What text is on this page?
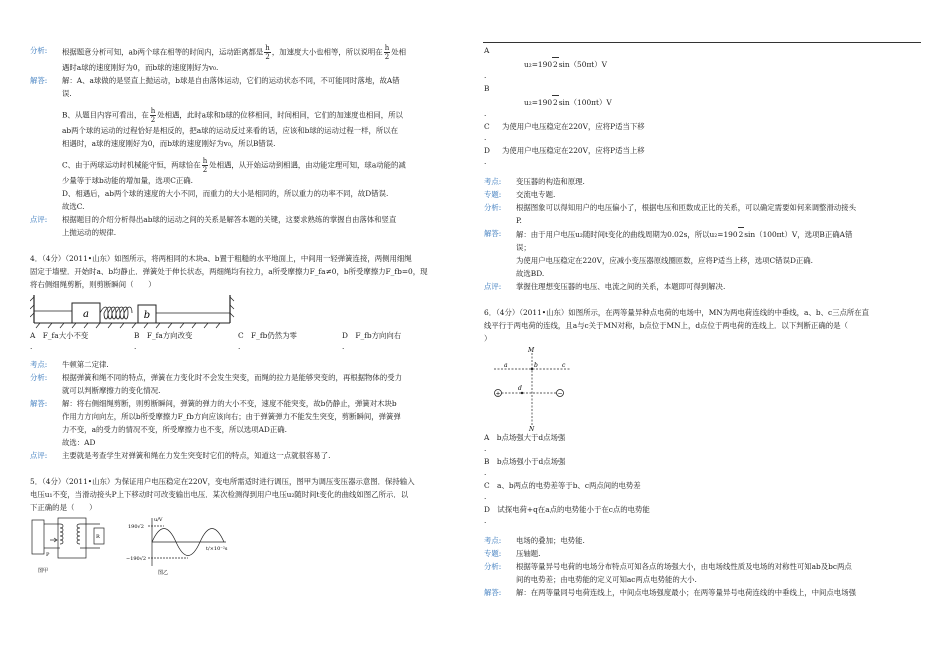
分析:	根据题意分析可知，ab两个球在相等的时间内，运动距离都是 $\frac{h}{2}$ ，加速度大小也相等，所以说明在 $\frac{h}{2}$ 处相

遇时a球的速度刚好为0，而b球的速度刚好为v₀.

解答:	解：A、a球做的是竖直上抛运动，b球是自由落体运动，它们的运动状态不同，不可能同时落地，故A错

误.

B、从题目内容可看出，在 $\frac{h}{2}$ 处相遇，此时a球和b球的位移相同，时间相同，它们的加速度也相同，所以

ab两个球的运动的过程恰好是相反的，把a球的运动反过来看的话，应该和b球的运动过程一样，所以在

相遇时，a球的速度刚好为0，而b球的速度刚好为v₀，所以B错误.

C、由于两球运动时机械能守恒，两球恰在 $\frac{h}{2}$ 处相遇，从开始运动到相遇，由动能定理可知，球a动能的减

少量等于球b动能的增加量，选项C正确.

D、相遇后，ab两个球的速度的大小不同，而重力的大小是相同的，所以重力的功率不同，故D错误.

故选C.

点评:	根据题目的介绍分析得出ab球的运动之间的关系是解答本题的关键，这要求熟练的掌握自由落体和竖直

上抛运动的规律.

4．（4分）（2011•山东）如图所示，将两相同的木块a、b置于粗糙的水平地面上，中间用一轻弹簧连接，两侧用细绳

固定于墙壁．开始时a、b均静止．弹簧处于伸长状态，两细绳均有拉力，a所受摩擦力F_fa≠0，b所受摩擦力F_fb=0，现

将右侧细绳剪断，则剪断瞬间（　　）

a	b
A　F_fa大小不变
.
B　F_fa方向改变
.
C　F_fb仍然为零
.
D　F_fb方向向右
.
考点:	牛顿第二定律.
分析:	根据弹簧和绳不同的特点，弹簧在力变化时不会发生突变，而绳的拉力是能够突变的，再根据物体的受力

就可以判断摩擦力的变化情况.

解答:	解：将右侧细绳剪断，则剪断瞬间，弹簧的弹力的大小不变，速度不能突变，故b仍静止，弹簧对木块b

作用力方向向左，所以b所受摩擦力F_fb方向应该向右；由于弹簧弹力不能发生突变，剪断瞬间，弹簧弹

力不变，a的受力的情况不变，所受摩擦力也不变，所以选项AD正确.

故选：AD

点评:	主要就是考查学生对弹簧和绳在力发生突变时它们的特点，知道这一点就很容易了.

5．（4分）（2011•山东）为保证用户电压稳定在220V，变电所需适时进行调压，图甲为调压变压器示意图．保持输入

电压u₁不变，当滑动接头P上下移动时可改变输出电压．某次检测得到用户电压u₂随时间t变化的曲线如图乙所示．以

下正确的是（　　）

P
R
图甲
u/V
190√2
−190√2
t/×10⁻²s
图乙
A
u₂=1902sin（50πt）V
.
B
u₂=1902sin（100πt）V
.
C	为使用户电压稳定在220V，应将P适当下移
.
D	为使用户电压稳定在220V，应将P适当上移
.
考点:	变压器的构造和原理.
专题:	交流电专题.
分析:	根据图象可以得知用户的电压偏小了，根据电压和匝数成正比的关系，可以确定需要如何来调整滑动接头

P.

解答:	解：由于用户电压u₂随时间t变化的曲线周期为0.02s，所以u₂=1902sin（100πt）V，选项B正确A错

误；

为使用户电压稳定在220V，应减小变压器原线圈匝数，应将P适当上移，选项C错误D正确.

故选BD.

点评:	掌握住理想变压器的电压、电流之间的关系，本题即可得到解决.

6．（4分）（2011•山东）如图所示，在两等量异种点电荷的电场中，MN为两电荷连线的中垂线，a、b、c三点所在直

线平行于两电荷的连线，且a与c关于MN对称，b点位于MN上，d点位于两电荷的连线上．以下判断正确的是（

）

+	−
M
N
a	b	c
d
A　b点场强大于d点场强
.
B　b点场强小于d点场强
.
C　a、b两点的电势差等于b、c两点间的电势差
.
D　试探电荷+q在a点的电势能小于在c点的电势能
.
考点:	电场的叠加；电势能.
专题:	压轴题.
分析:	根据等量异号电荷的电场分布特点可知各点的场强大小，由电场线性质及电场的对称性可知ab及bc两点

间的电势差；由电势能的定义可知ac两点电势能的大小.

解答:	解：在两等量同号电荷连线上，中间点电场强度最小；在两等量异号电荷连线的中垂线上，中间点电场强
